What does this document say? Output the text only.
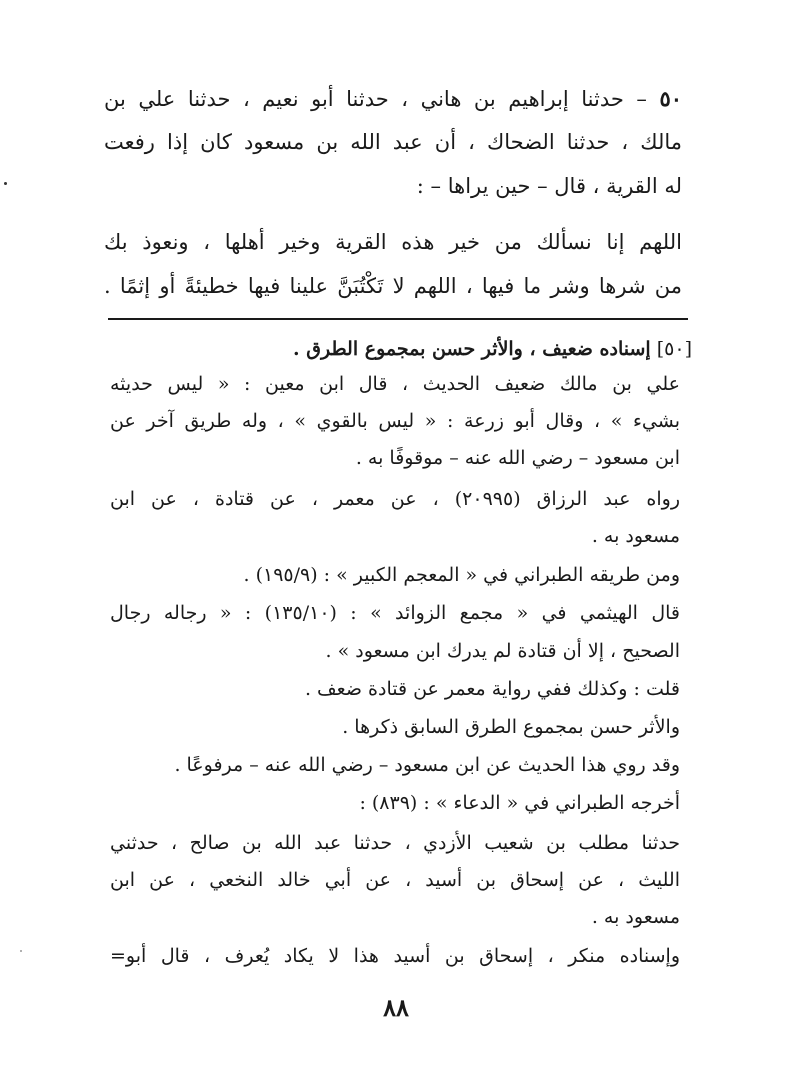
٥٠ – حدثنا إبراهيم بن هاني ، حدثنا أبو نعيم ، حدثنا علي بن
مالك ، حدثنا الضحاك ، أن عبد الله بن مسعود كان إذا رفعت
له القرية ، قال – حين يراها – :
اللهم إنا نسألك من خير هذه القرية وخير أهلها ، ونعوذ بك
من شرها وشر ما فيها ، اللهم لا تَكْتُبَنَّ علينا فيها خطيئةً أو إثمًا .
[٥٠] إسناده ضعيف ، والأثر حسن بمجموع الطرق .
علي بن مالك ضعيف الحديث ، قال ابن معين : « ليس حديثه
بشيء » ، وقال أبو زرعة : « ليس بالقوي » ، وله طريق آخر عن
ابن مسعود – رضي الله عنه – موقوفًا به .
رواه عبد الرزاق (٢٠٩٩٥) ، عن معمر ، عن قتادة ، عن ابن
مسعود به .
ومن طريقه الطبراني في « المعجم الكبير » : (١٩٥/٩) .
قال الهيثمي في « مجمع الزوائد » : (١٣٥/١٠) : « رجاله رجال
الصحيح ، إلا أن قتادة لم يدرك ابن مسعود » .
قلت : وكذلك ففي رواية معمر عن قتادة ضعف .
والأثر حسن بمجموع الطرق السابق ذكرها .
وقد روي هذا الحديث عن ابن مسعود – رضي الله عنه – مرفوعًا .
أخرجه الطبراني في « الدعاء » : (٨٣٩) :
حدثنا مطلب بن شعيب الأزدي ، حدثنا عبد الله بن صالح ، حدثني
الليث ، عن إسحاق بن أسيد ، عن أبي خالد النخعي ، عن ابن
مسعود به .
وإسناده منكر ، إسحاق بن أسيد هذا لا يكاد يُعرف ، قال أبو=
٨٨
